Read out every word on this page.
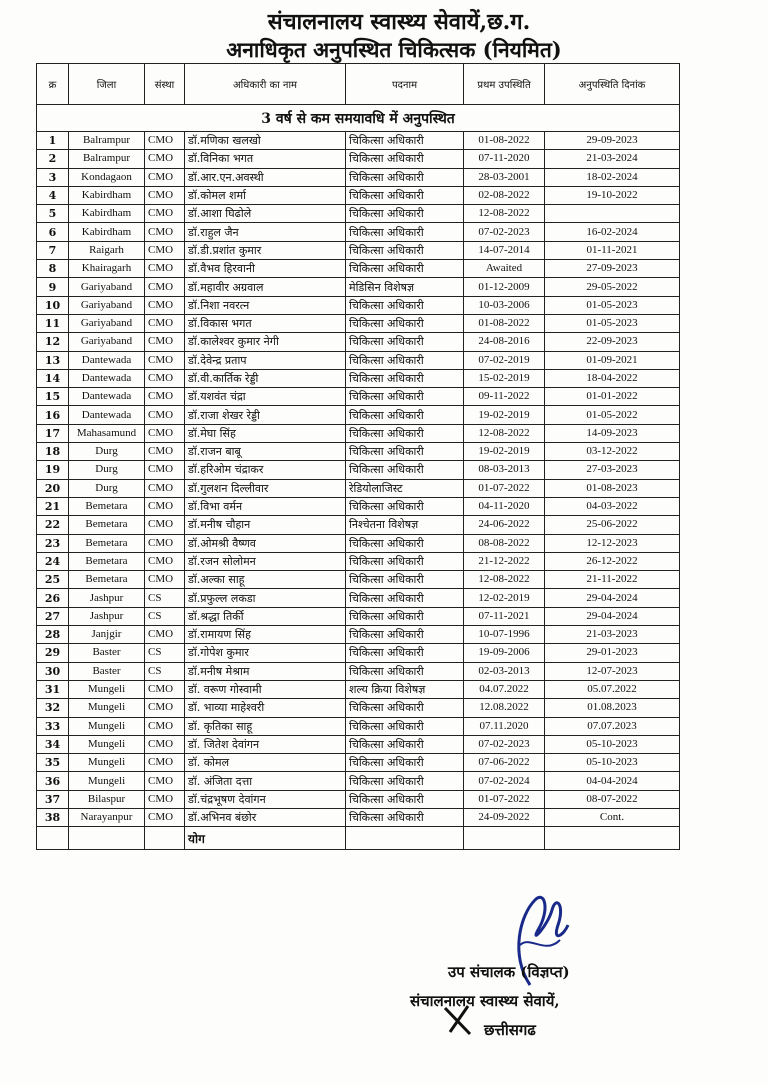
संचालनालय स्वास्थ्य सेवायें,छ.ग.
अनाधिकृत अनुपस्थित चिकित्सक (नियमित)
क्र	जिला	संस्था	अधिकारी का नाम	पदनाम	प्रथम उपस्थिति	अनुपस्थिति दिनांक
3 वर्ष से कम समयावधि में अनुपस्थित						
1	Balrampur	CMO	डॉ.मणिका खलखो	चिकित्सा अधिकारी	01-08-2022	29-09-2023
2	Balrampur	CMO	डॉ.विनिका भगत	चिकित्सा अधिकारी	07-11-2020	21-03-2024
3	Kondagaon	CMO	डॉ.आर.एन.अवस्थी	चिकित्सा अधिकारी	28-03-2001	18-02-2024
4	Kabirdham	CMO	डॉ.कोमल शर्मा	चिकित्सा अधिकारी	02-08-2022	19-10-2022
5	Kabirdham	CMO	डॉ.आशा घिढोले	चिकित्सा अधिकारी	12-08-2022	
6	Kabirdham	CMO	डॉ.राहुल जैन	चिकित्सा अधिकारी	07-02-2023	16-02-2024
7	Raigarh	CMO	डॉ.डी.प्रशांत कुमार	चिकित्सा अधिकारी	14-07-2014	01-11-2021
8	Khairagarh	CMO	डॉ.वैभव हिरवानी	चिकित्सा अधिकारी	Awaited	27-09-2023
9	Gariyaband	CMO	डॉ.महावीर अग्रवाल	मेडिसिन विशेषज्ञ	01-12-2009	29-05-2022
10	Gariyaband	CMO	डॉ.निशा नवरत्न	चिकित्सा अधिकारी	10-03-2006	01-05-2023
11	Gariyaband	CMO	डॉ.विकास भगत	चिकित्सा अधिकारी	01-08-2022	01-05-2023
12	Gariyaband	CMO	डॉ.कालेश्वर कुमार नेगी	चिकित्सा अधिकारी	24-08-2016	22-09-2023
13	Dantewada	CMO	डॉ.देवेन्द्र प्रताप	चिकित्सा अधिकारी	07-02-2019	01-09-2021
14	Dantewada	CMO	डॉ.वी.कार्तिक रेड्डी	चिकित्सा अधिकारी	15-02-2019	18-04-2022
15	Dantewada	CMO	डॉ.यशवंत चंद्रा	चिकित्सा अधिकारी	09-11-2022	01-01-2022
16	Dantewada	CMO	डॉ.राजा शेखर रेड्डी	चिकित्सा अधिकारी	19-02-2019	01-05-2022
17	Mahasamund	CMO	डॉ.मेघा सिंह	चिकित्सा अधिकारी	12-08-2022	14-09-2023
18	Durg	CMO	डॉ.राजन बाबू	चिकित्सा अधिकारी	19-02-2019	03-12-2022
19	Durg	CMO	डॉ.हरिओम चंद्राकर	चिकित्सा अधिकारी	08-03-2013	27-03-2023
20	Durg	CMO	डॉ.गुलशन दिल्लीवार	रेडियोलाजिस्ट	01-07-2022	01-08-2023
21	Bemetara	CMO	डॉ.विभा वर्मन	चिकित्सा अधिकारी	04-11-2020	04-03-2022
22	Bemetara	CMO	डॉ.मनीष चौहान	निश्चेतना विशेषज्ञ	24-06-2022	25-06-2022
23	Bemetara	CMO	डॉ.ओमश्री वैष्णव	चिकित्सा अधिकारी	08-08-2022	12-12-2023
24	Bemetara	CMO	डॉ.रजन सोलोमन	चिकित्सा अधिकारी	21-12-2022	26-12-2022
25	Bemetara	CMO	डॉ.अल्का साहू	चिकित्सा अधिकारी	12-08-2022	21-11-2022
26	Jashpur	CS	डॉ.प्रफुल्ल लकडा	चिकित्सा अधिकारी	12-02-2019	29-04-2024
27	Jashpur	CS	डॉ.श्रद्धा तिर्की	चिकित्सा अधिकारी	07-11-2021	29-04-2024
28	Janjgir	CMO	डॉ.रामायण सिंह	चिकित्सा अधिकारी	10-07-1996	21-03-2023
29	Baster	CS	डॉ.गोपेश कुमार	चिकित्सा अधिकारी	19-09-2006	29-01-2023
30	Baster	CS	डॉ.मनीष मेश्राम	चिकित्सा अधिकारी	02-03-2013	12-07-2023
31	Mungeli	CMO	डॉ. वरूण गोस्वामी	शल्य क्रिया विशेषज्ञ	04.07.2022	05.07.2022
32	Mungeli	CMO	डॉ. भाव्या माहेश्वरी	चिकित्सा अधिकारी	12.08.2022	01.08.2023
33	Mungeli	CMO	डॉ. कृतिका साहू	चिकित्सा अधिकारी	07.11.2020	07.07.2023
34	Mungeli	CMO	डॉ. जितेश देवांगन	चिकित्सा अधिकारी	07-02-2023	05-10-2023
35	Mungeli	CMO	डॉ. कोमल	चिकित्सा अधिकारी	07-06-2022	05-10-2023
36	Mungeli	CMO	डॉ. अंजिता दत्ता	चिकित्सा अधिकारी	07-02-2024	04-04-2024
37	Bilaspur	CMO	डॉ.चंद्रभूषण देवांगन	चिकित्सा अधिकारी	01-07-2022	08-07-2022
38	Narayanpur	CMO	डॉ.अभिनव बंछोर	चिकित्सा अधिकारी	24-09-2022	Cont.
			योग			
उप संचालक (विज्ञप्त)
संचालनालय स्वास्थ्य सेवायें,
छत्तीसगढ
